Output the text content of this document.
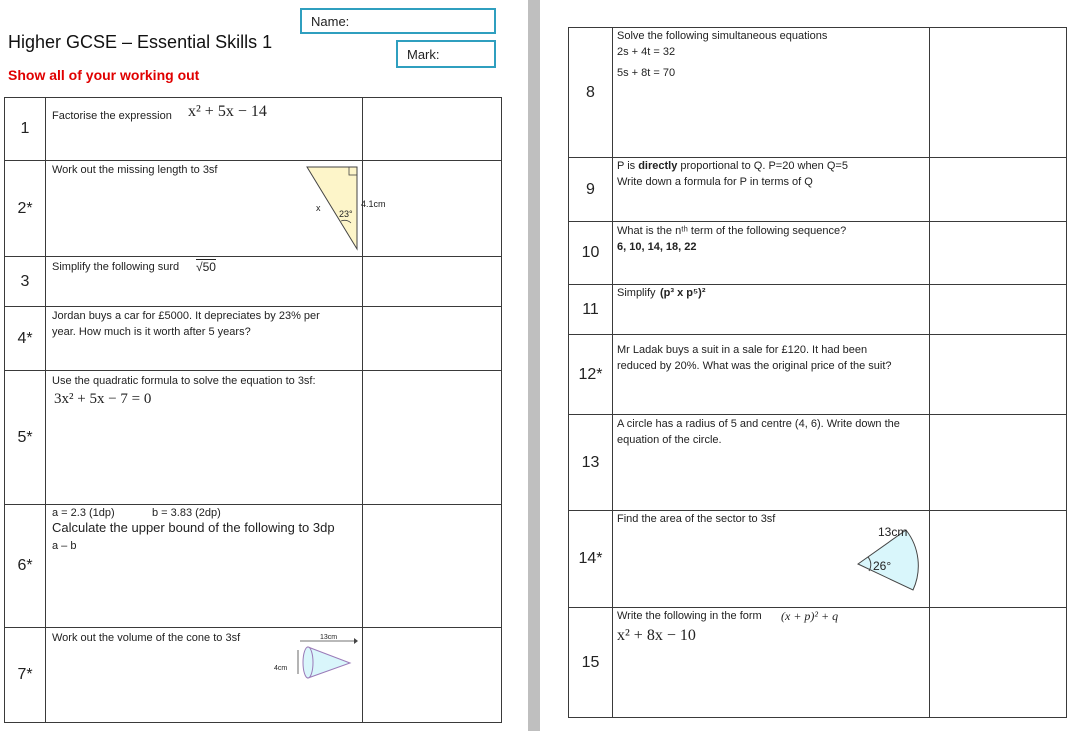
Higher GCSE – Essential Skills 1
Show all of your working out
Name:
Mark:
1	Factorise the expression x² + 5x − 14	

2*	Work out the missing length to 3sf
x
23°
4.1cm	

3	Simplify the following surd √50	

4*	Jordan buys a car for £5000. It depreciates by 23% per
year. How much is it worth after 5 years?	

5*	Use the quadratic formula to solve the equation to 3sf:
3x² + 5x − 7 = 0	

6*	a = 2.3 (1dp) b = 3.83 (2dp)
Calculate the upper bound of the following to 3dp
a – b	

7*	Work out the volume of the cone to 3sf 13cm
4cm	

8	Solve the following simultaneous equations
2s + 4t = 32
5s + 8t = 70	

9	P is directly proportional to Q. P=20 when Q=5
Write down a formula for P in terms of Q	

10	What is the nᵗʰ term of the following sequence?
6, 10, 14, 18, 22	

11	Simplify (p³ x p⁵)²	

12*	Mr Ladak buys a suit in a sale for £120. It had been
reduced by 20%. What was the original price of the suit?	

13	A circle has a radius of 5 and centre (4, 6). Write down the
equation of the circle.	

14*	Find the area of the sector to 3sf
13cm
26°	

15	Write the following in the form (x + p)² + q
x² + 8x − 10	
